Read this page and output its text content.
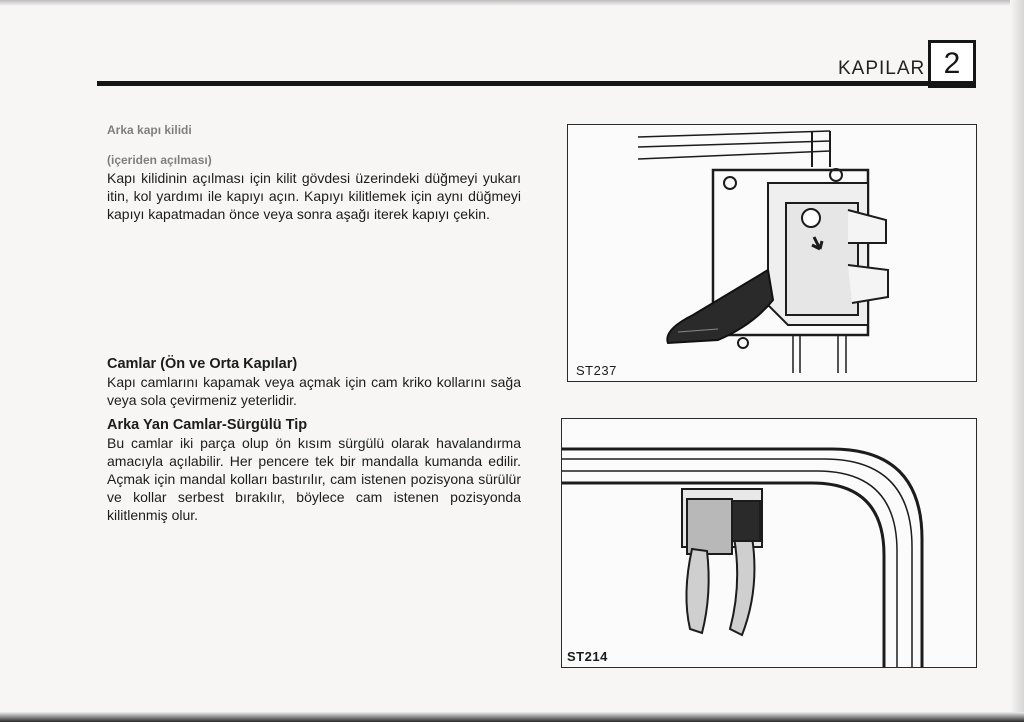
KAPILAR 2
Arka kapı kilidi
(içeriden açılması)
Kapı kilidinin açılması için kilit gövdesi üzerindeki düğmeyi yukarı itin, kol yardımı ile kapıyı açın. Kapıyı kilitlemek için aynı düğmeyi kapıyı kapatmadan önce veya sonra aşağı iterek kapıyı çekin.
Camlar (Ön ve Orta Kapılar)
Kapı camlarını kapamak veya açmak için cam kriko kollarını sağa veya sola çevirmeniz yeterlidir.
Arka Yan Camlar-Sürgülü Tip
Bu camlar iki parça olup ön kısım sürgülü olarak havalandırma amacıyla açılabilir. Her pencere tek bir mandalla kumanda edilir. Açmak için mandal kolları bastırılır, cam istenen pozisyona sürülür ve kollar serbest bırakılır, böylece cam istenen pozisyonda kilitlenmiş olur.
ST237
ST214
